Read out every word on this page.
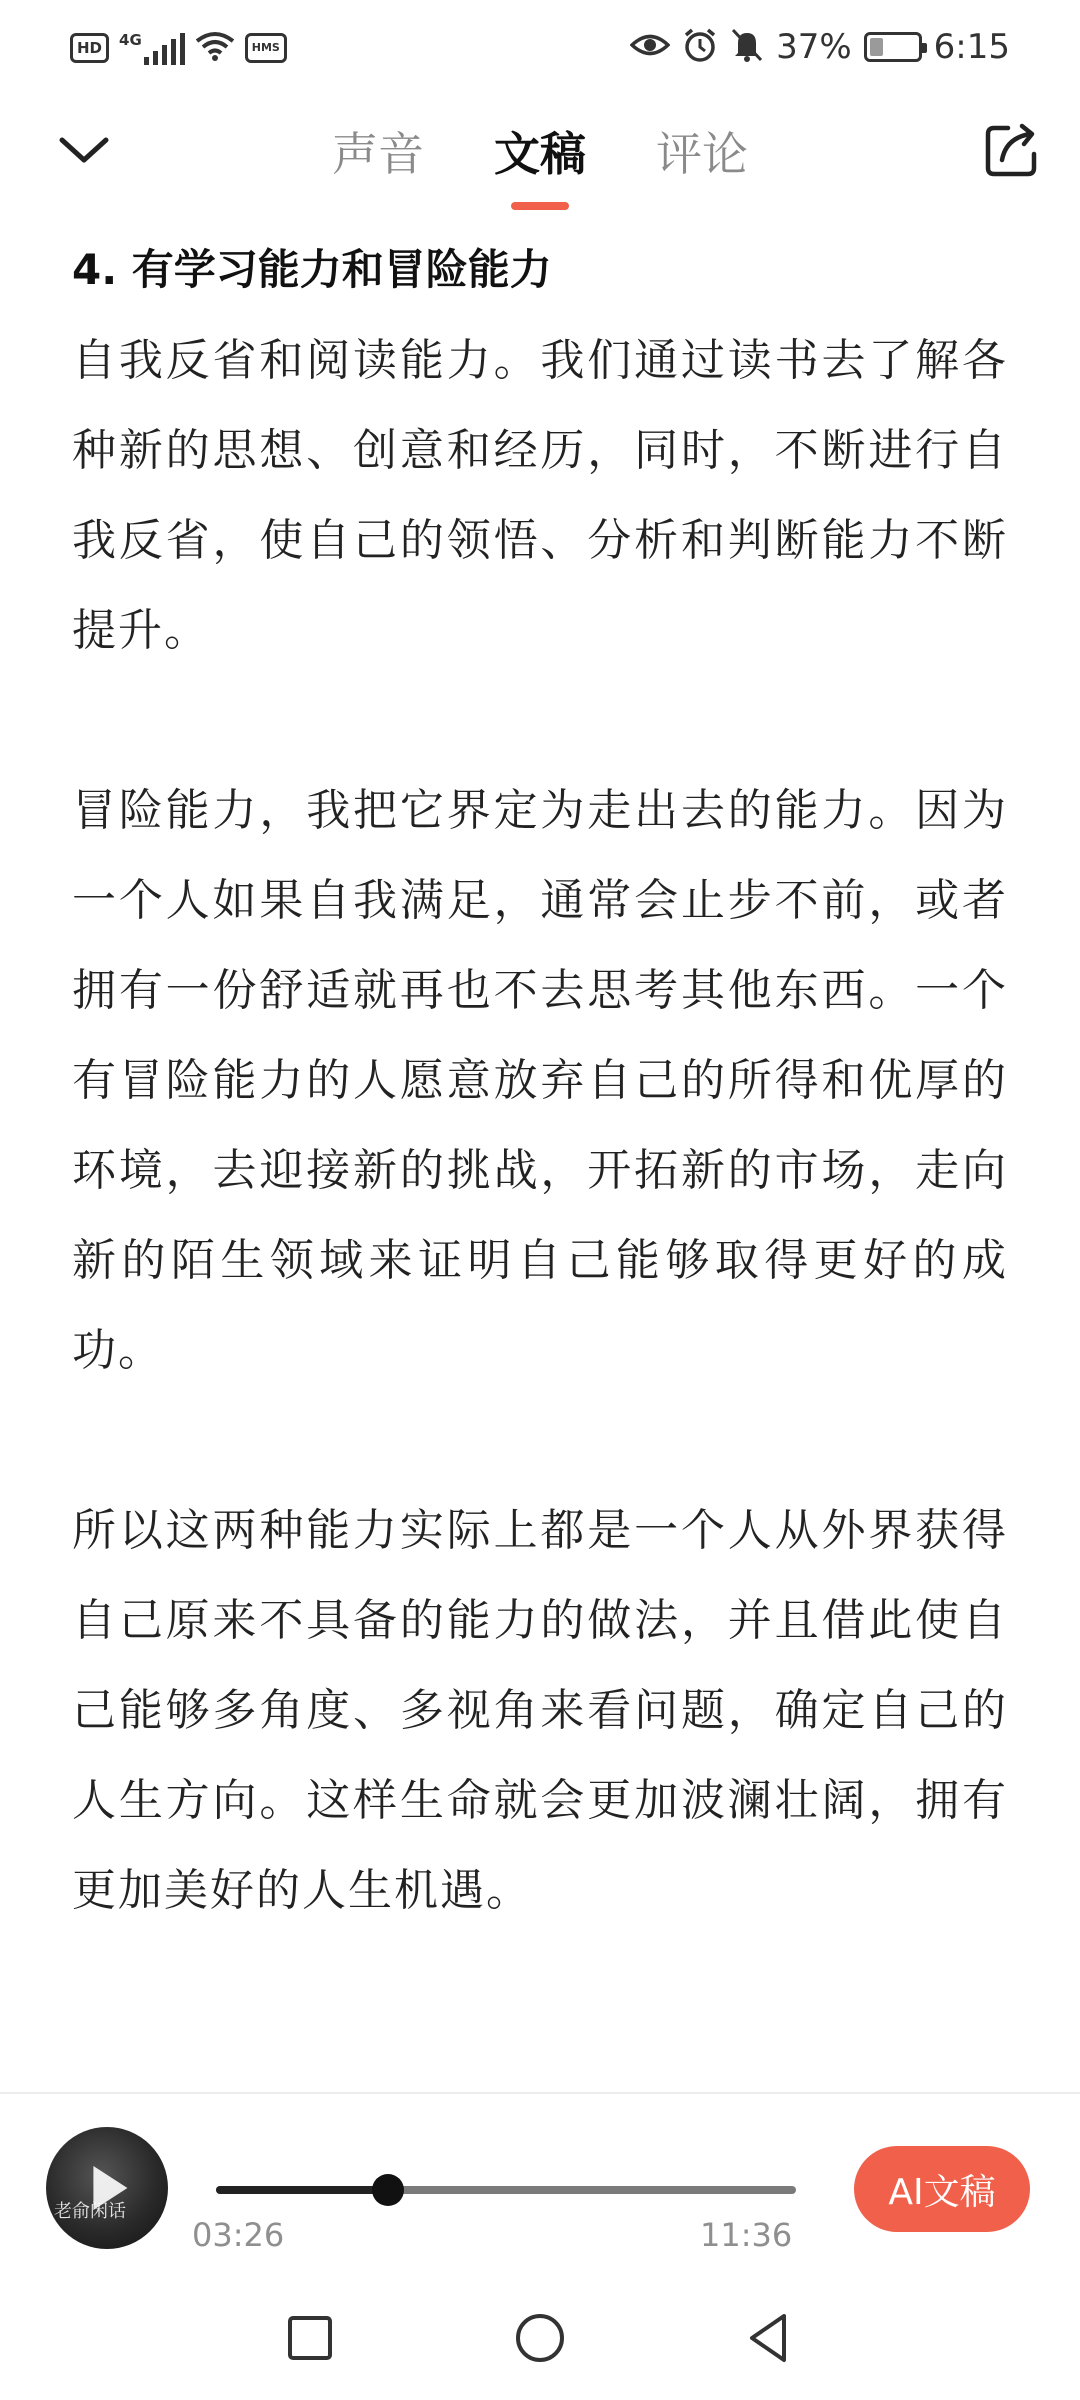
HD	4G	HMS	37% 6:15
声音 文稿 评论
4. 有学习能力和冒险能力

自我反省和阅读能力。我们通过读书去了解各种新的思想、创意和经历，同时，不断进行自我反省，使自己的领悟、分析和判断能力不断提升。

冒险能力，我把它界定为走出去的能力。因为一个人如果自我满足，通常会止步不前，或者拥有一份舒适就再也不去思考其他东西。一个有冒险能力的人愿意放弃自己的所得和优厚的环境，去迎接新的挑战，开拓新的市场，走向新的陌生领域来证明自己能够取得更好的成功。

所以这两种能力实际上都是一个人从外界获得自己原来不具备的能力的做法，并且借此使自己能够多角度、多视角来看问题，确定自己的人生方向。这样生命就会更加波澜壮阔，拥有更加美好的人生机遇。

老俞闲话
03:26	11:36
AI文稿
